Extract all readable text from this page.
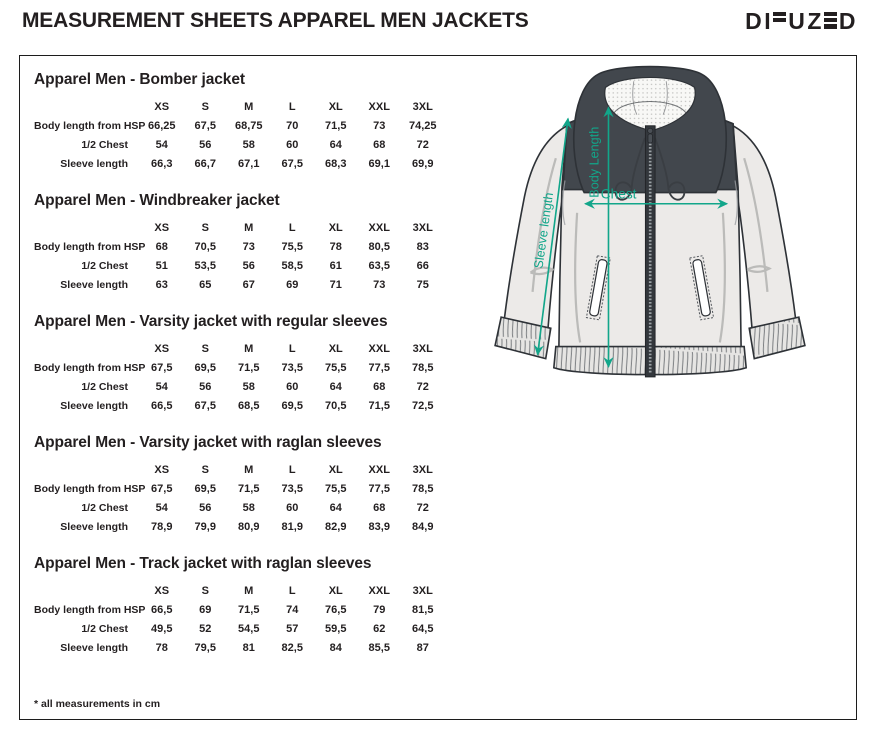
MEASUREMENT SHEETS APPAREL MEN JACKETS	D I U Z D
Apparel Men - Bomber jacket
XS	S	M	L	XL	XXL	3XL
Body length from HSP 66,25	67,5	68,75	70	71,5	73	74,25
1/2 Chest	54	56	58	60	64	68	72
Sleeve length	66,3	66,7	67,1	67,5	68,3	69,1	69,9
Apparel Men - Windbreaker jacket
XS	S	M	L	XL	XXL	3XL
Body length from HSP 68	70,5	73	75,5	78	80,5	83
1/2 Chest	51	53,5	56	58,5	61	63,5	66
Sleeve length	63	65	67	69	71	73	75
Apparel Men - Varsity jacket with regular sleeves
XS	S	M	L	XL	XXL	3XL
Body length from HSP 67,5	69,5	71,5	73,5	75,5	77,5	78,5
1/2 Chest	54	56	58	60	64	68	72
Sleeve length	66,5	67,5	68,5	69,5	70,5	71,5	72,5
Apparel Men - Varsity jacket with raglan sleeves
XS	S	M	L	XL	XXL	3XL
Body length from HSP 67,5	69,5	71,5	73,5	75,5	77,5	78,5
1/2 Chest	54	56	58	60	64	68	72
Sleeve length	78,9	79,9	80,9	81,9	82,9	83,9	84,9
Apparel Men - Track jacket with raglan sleeves
XS	S	M	L	XL	XXL	3XL
Body length from HSP 66,5	69	71,5	74	76,5	79	81,5
1/2 Chest	49,5	52	54,5	57	59,5	62	64,5
Sleeve length	78	79,5	81	82,5	84	85,5	87
Chest
Body Length
Sleeve length
* all measurements in cm
